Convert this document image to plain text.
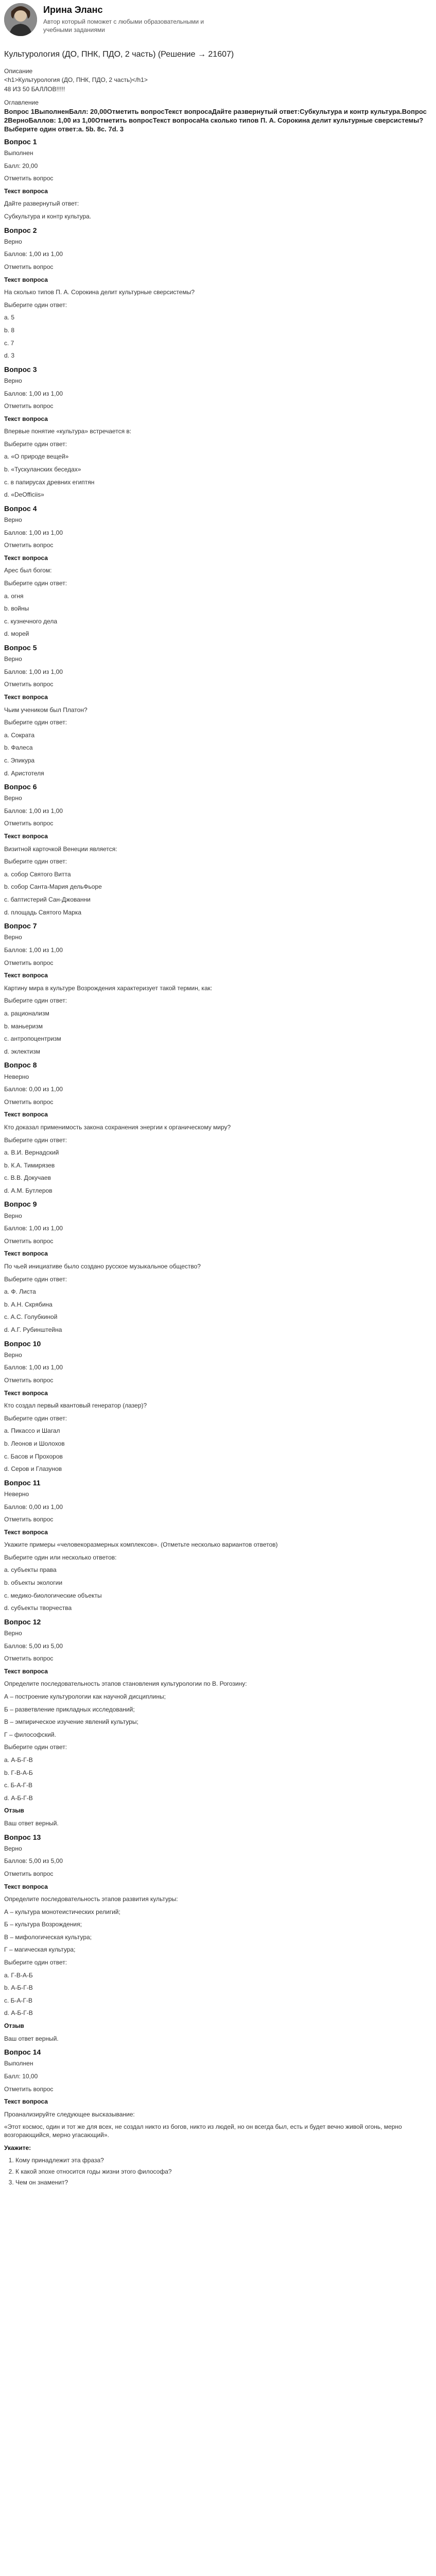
Ирина Эланс
Автор который поможет с любыми образовательными и учебными заданиями
Культурология (ДО, ПНК, ПДО, 2 часть) (Решение → 21607)
Описание
<h1>Культурология (ДО, ПНК, ПДО, 2 часть)</h1>
48 ИЗ 50 БАЛЛОВ!!!!!
Оглавление
Вопрос 1ВыполненБалл: 20,00Отметить вопросТекст вопросаДайте развернутый ответ:Субкультура и контр культура.Вопрос 2ВерноБаллов: 1,00 из 1,00Отметить вопросТекст вопросаНа сколько типов П. А. Сорокина делит культурные сверсистемы?Выберите один ответ:a. 5b. 8c. 7d. 3
Вопрос 1
Выполнен
Балл: 20,00
Отметить вопрос
Текст вопроса
Дайте развернутый ответ:
Субкультура и контр культура.
Вопрос 2
Верно
Баллов: 1,00 из 1,00
Отметить вопрос
Текст вопроса
На сколько типов П. А. Сорокина делит культурные сверсистемы?
Выберите один ответ:
a. 5
b. 8
c. 7
d. 3
Вопрос 3
Верно
Баллов: 1,00 из 1,00
Отметить вопрос
Текст вопроса
Впервые понятие «культура» встречается в:
Выберите один ответ:
a. «О природе вещей»
b. «Тускуланских беседах»
c. в папирусах древних египтян
d. «DeOfficiis»
Вопрос 4
Верно
Баллов: 1,00 из 1,00
Отметить вопрос
Текст вопроса
Арес был богом:
Выберите один ответ:
a. огня
b. войны
c. кузнечного дела
d. морей
Вопрос 5
Верно
Баллов: 1,00 из 1,00
Отметить вопрос
Текст вопроса
Чьим учеником был Платон?
Выберите один ответ:
a. Сократа
b. Фалеса
c. Эпикура
d. Аристотеля
Вопрос 6
Верно
Баллов: 1,00 из 1,00
Отметить вопрос
Текст вопроса
Визитной карточкой Венеции является:
Выберите один ответ:
a. собор Святого Витта
b. собор Санта-Мария дельФьоре
c. баптистерий Сан-Джованни
d. площадь Святого Марка
Вопрос 7
Верно
Баллов: 1,00 из 1,00
Отметить вопрос
Текст вопроса
Картину мира в культуре Возрождения характеризует такой термин, как:
Выберите один ответ:
a. рационализм
b. маньеризм
c. антропоцентризм
d. эклектизм
Вопрос 8
Неверно
Баллов: 0,00 из 1,00
Отметить вопрос
Текст вопроса
Кто доказал применимость закона сохранения энергии к органическому миру?
Выберите один ответ:
a. В.И. Вернадский
b. К.А. Тимирязев
c. В.В. Докучаев
d. А.М. Бутлеров
Вопрос 9
Верно
Баллов: 1,00 из 1,00
Отметить вопрос
Текст вопроса
По чьей инициативе было создано русское музыкальное общество?
Выберите один ответ:
a. Ф. Листа
b. А.Н. Скрябина
c. А.С. Голубкиной
d. А.Г. Рубинштейна
Вопрос 10
Верно
Баллов: 1,00 из 1,00
Отметить вопрос
Текст вопроса
Кто создал первый квантовый генератор (лазер)?
Выберите один ответ:
a. Пикассо и Шагал
b. Леонов и Шолохов
c. Басов и Прохоров
d. Серов и Глазунов
Вопрос 11
Неверно
Баллов: 0,00 из 1,00
Отметить вопрос
Текст вопроса
Укажите примеры «человекоразмерных комплексов». (Отметьте несколько вариантов ответов)
Выберите один или несколько ответов:
a. субъекты права
b. объекты экологии
c. медико-биологические объекты
d. субъекты творчества
Вопрос 12
Верно
Баллов: 5,00 из 5,00
Отметить вопрос
Текст вопроса
Определите последовательность этапов становления культурологии по В. Рогозину:
А – построение культурологии как научной дисциплины;
Б – разветвление прикладных исследований;
В – эмпирическое изучение явлений культуры;
Г – философский.
Выберите один ответ:
a. А-Б-Г-В
b. Г-В-А-Б
c. Б-А-Г-В
d. А-Б-Г-В
Отзыв
Ваш ответ верный.
Вопрос 13
Верно
Баллов: 5,00 из 5,00
Отметить вопрос
Текст вопроса
Определите последовательность этапов развития культуры:
А – культура монотеистических религий;
Б – культура Возрождения;
В – мифологическая культура;
Г – магическая культура;
Выберите один ответ:
a. Г-В-А-Б
b. А-Б-Г-В
c. Б-А-Г-В
d. А-Б-Г-В
Отзыв
Ваш ответ верный.
Вопрос 14
Выполнен
Балл: 10,00
Отметить вопрос
Текст вопроса
Проанализируйте следующее высказывание:
«Этот космос, один и тот же для всех, не создал никто из богов, никто из людей, но он всегда был, есть и будет вечно живой огонь, мерно возгорающийся, мерно угасающий».
Укажите:
1. Кому принадлежит эта фраза?
2. К какой эпохе относится годы жизни этого философа?
3. Чем он знаменит?
